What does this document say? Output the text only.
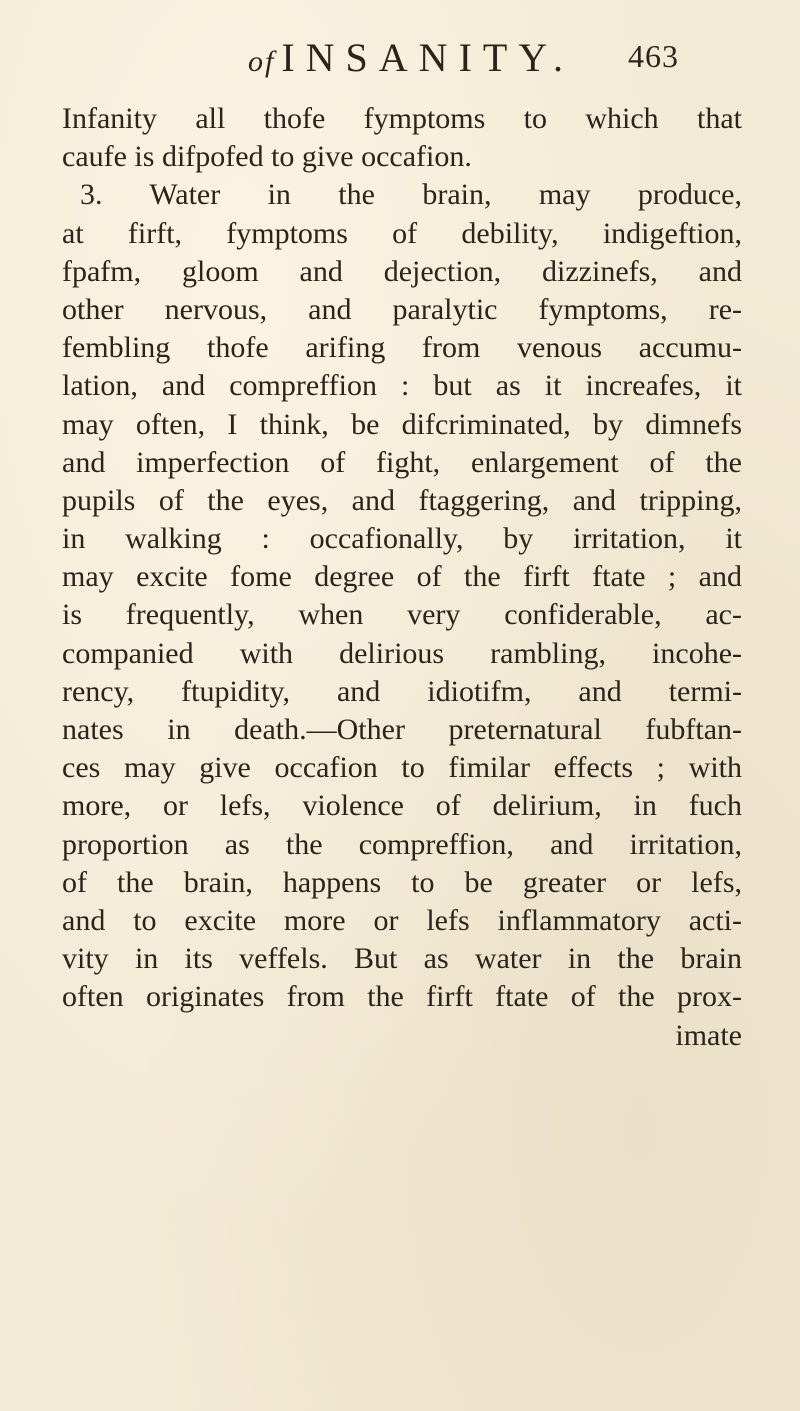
of INSANITY. 463
Infanity all thofe fymptoms to which that
caufe is difpofed to give occafion.
3. Water in the brain, may produce,
at firft, fymptoms of debility, indigeftion,
fpafm, gloom and dejection, dizzinefs, and
other nervous, and paralytic fymptoms, re-
fembling thofe arifing from venous accumu-
lation, and compreffion : but as it increafes, it
may often, I think, be difcriminated, by dimnefs
and imperfection of fight, enlargement of the
pupils of the eyes, and ftaggering, and tripping,
in walking : occafionally, by irritation, it
may excite fome degree of the firft ftate ; and
is frequently, when very confiderable, ac-
companied with delirious rambling, incohe-
rency, ftupidity, and idiotifm, and termi-
nates in death.—Other preternatural fubftan-
ces may give occafion to fimilar effects ; with
more, or lefs, violence of delirium, in fuch
proportion as the compreffion, and irritation,
of the brain, happens to be greater or lefs,
and to excite more or lefs inflammatory acti-
vity in its veffels. But as water in the brain
often originates from the firft ftate of the prox-
imate
